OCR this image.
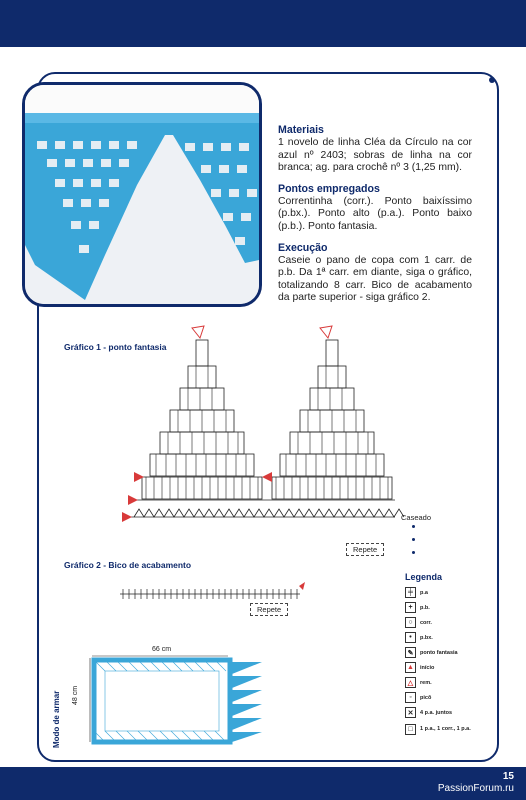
Materiais

1 novelo de linha Cléa da Círculo na cor azul nº 2403; sobras de linha na cor branca; ag. para crochê nº 3 (1,25 mm).

Pontos empregados

Correntinha (corr.). Ponto baixíssimo (p.bx.). Ponto alto (p.a.). Ponto baixo (p.b.). Ponto fantasia.

Execução

Caseie o pano de copa com 1 carr. de p.b. Da 1ª carr. em diante, siga o gráfico, totalizando 8 carr. Bico de acabamento da parte superior - siga gráfico 2.

Gráfico 1 - ponto fantasia
Caseado
Repete
Gráfico 2 - Bico de acabamento
Repete
Legenda
╪	p.a
+	p.b.
○	corr.
•	p.bx.
✎	ponto fantasia
▲	início
△	rem.
◦	picô
✕	4 p.a. juntos
□	1 p.a., 1 corr., 1 p.a.
Modo de armar
66 cm
48 cm
15
PassionForum.ru
